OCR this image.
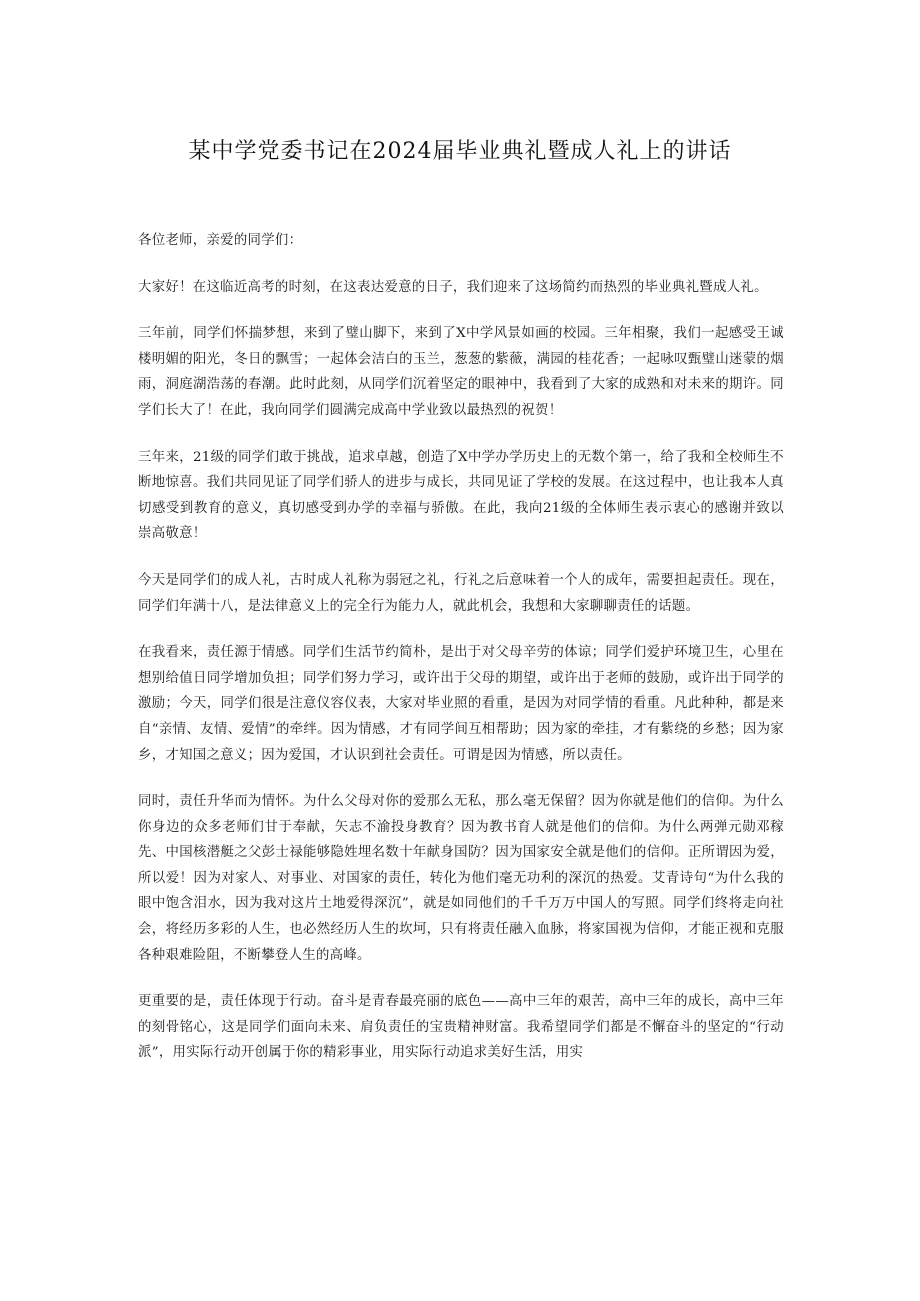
某中学党委书记在2024届毕业典礼暨成人礼上的讲话

各位老师，亲爱的同学们：

大家好！在这临近高考的时刻，在这表达爱意的日子，我们迎来了这场简约而热烈的毕业典礼暨成人礼。

三年前，同学们怀揣梦想，来到了璧山脚下，来到了X中学风景如画的校园。三年相聚，我们一起感受王诚楼明媚的阳光，冬日的飘雪；一起体会洁白的玉兰，葱葱的紫薇，满园的桂花香；一起咏叹甄璧山迷蒙的烟雨，洞庭湖浩荡的春潮。此时此刻，从同学们沉着坚定的眼神中，我看到了大家的成熟和对未来的期许。同学们长大了！在此，我向同学们圆满完成高中学业致以最热烈的祝贺！

三年来，21级的同学们敢于挑战，追求卓越，创造了X中学办学历史上的无数个第一，给了我和全校师生不断地惊喜。我们共同见证了同学们骄人的进步与成长，共同见证了学校的发展。在这过程中，也让我本人真切感受到教育的意义，真切感受到办学的幸福与骄傲。在此，我向21级的全体师生表示衷心的感谢并致以崇高敬意！

今天是同学们的成人礼，古时成人礼称为弱冠之礼，行礼之后意味着一个人的成年，需要担起责任。现在，同学们年满十八，是法律意义上的完全行为能力人，就此机会，我想和大家聊聊责任的话题。

在我看来，责任源于情感。同学们生活节约简朴，是出于对父母辛劳的体谅；同学们爱护环境卫生，心里在想别给值日同学增加负担；同学们努力学习，或许出于父母的期望，或许出于老师的鼓励，或许出于同学的激励；今天，同学们很是注意仪容仪表，大家对毕业照的看重，是因为对同学情的看重。凡此种种，都是来自“亲情、友情、爱情”的牵绊。因为情感，才有同学间互相帮助；因为家的牵挂，才有紫绕的乡愁；因为家乡，才知国之意义；因为爱国，才认识到社会责任。可谓是因为情感，所以责任。

同时，责任升华而为情怀。为什么父母对你的爱那么无私，那么毫无保留？因为你就是他们的信仰。为什么你身边的众多老师们甘于奉献，矢志不渝投身教育？因为教书育人就是他们的信仰。为什么两弹元勋邓稼先、中国核潜艇之父彭士禄能够隐姓埋名数十年献身国防？因为国家安全就是他们的信仰。正所谓因为爱，所以爱！因为对家人、对事业、对国家的责任，转化为他们毫无功利的深沉的热爱。艾青诗句“为什么我的眼中饱含泪水，因为我对这片土地爱得深沉”，就是如同他们的千千万万中国人的写照。同学们终将走向社会，将经历多彩的人生，也必然经历人生的坎坷，只有将责任融入血脉，将家国视为信仰，才能正视和克服各种艰难险阻，不断攀登人生的高峰。

更重要的是，责任体现于行动。奋斗是青春最亮丽的底色——高中三年的艰苦，高中三年的成长，高中三年的刻骨铭心，这是同学们面向未来、肩负责任的宝贵精神财富。我希望同学们都是不懈奋斗的坚定的“行动派”，用实际行动开创属于你的精彩事业，用实际行动追求美好生活，用实
